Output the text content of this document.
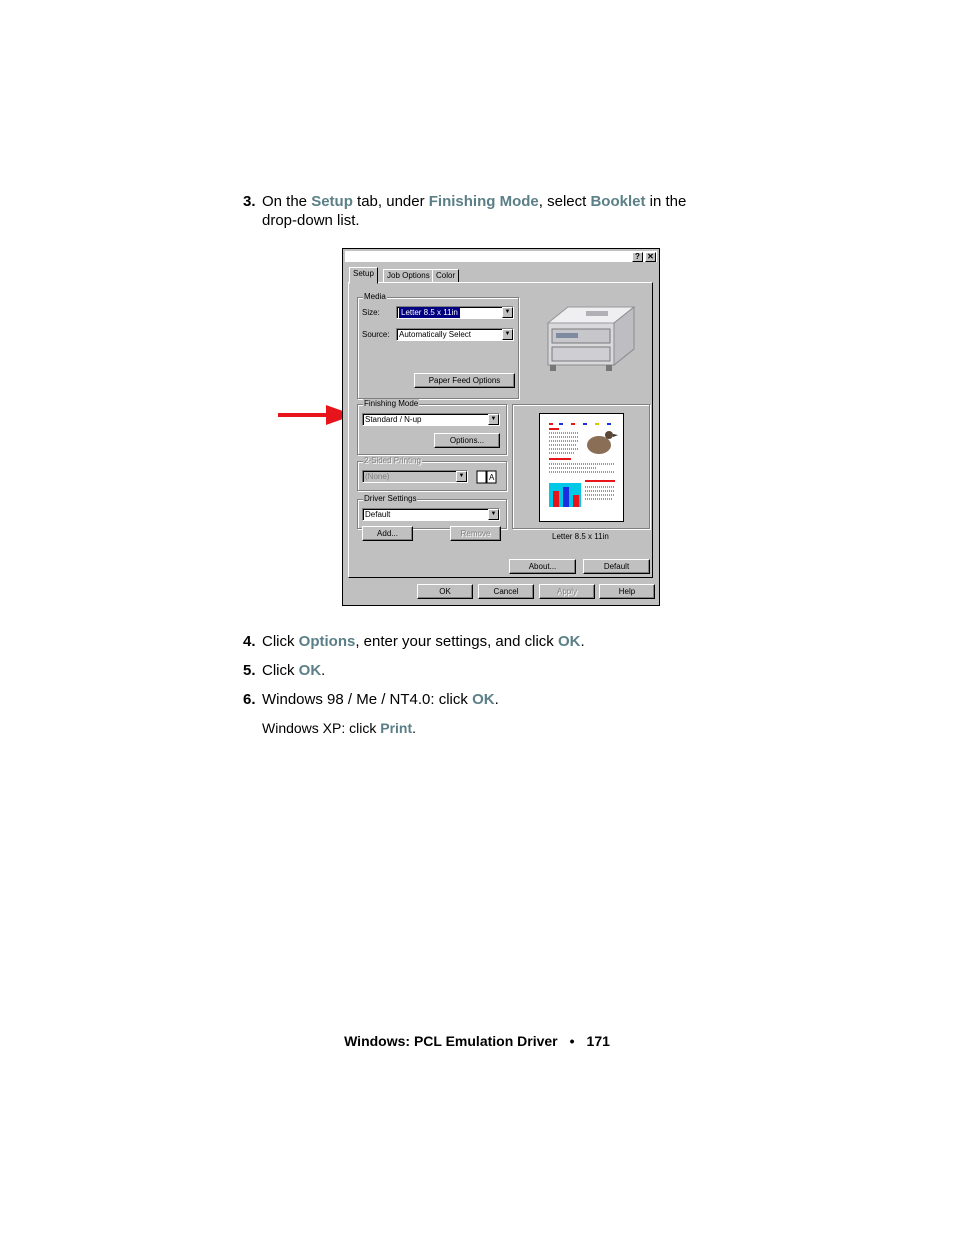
3. On the Setup tab, under Finishing Mode, select Booklet in the
drop-down list.
? ✕
Setup	Job Options Color
Media
Size:	Letter 8.5 x 11in	▼
Source:	Automatically Select	▼
Paper Feed Options
Finishing Mode
Standard / N-up	▼
Options...
Letter 8.5 x 11in
2-Sided Printing
(None)	▼	A
Driver Settings
Default	▼
Add...	Remove
About...	Default
OK	Cancel	Apply	Help
4. Click Options, enter your settings, and click OK.
5. Click OK.
6. Windows 98 / Me / NT4.0: click OK.
Windows XP: click Print.
Windows: PCL Emulation Driver • 171
